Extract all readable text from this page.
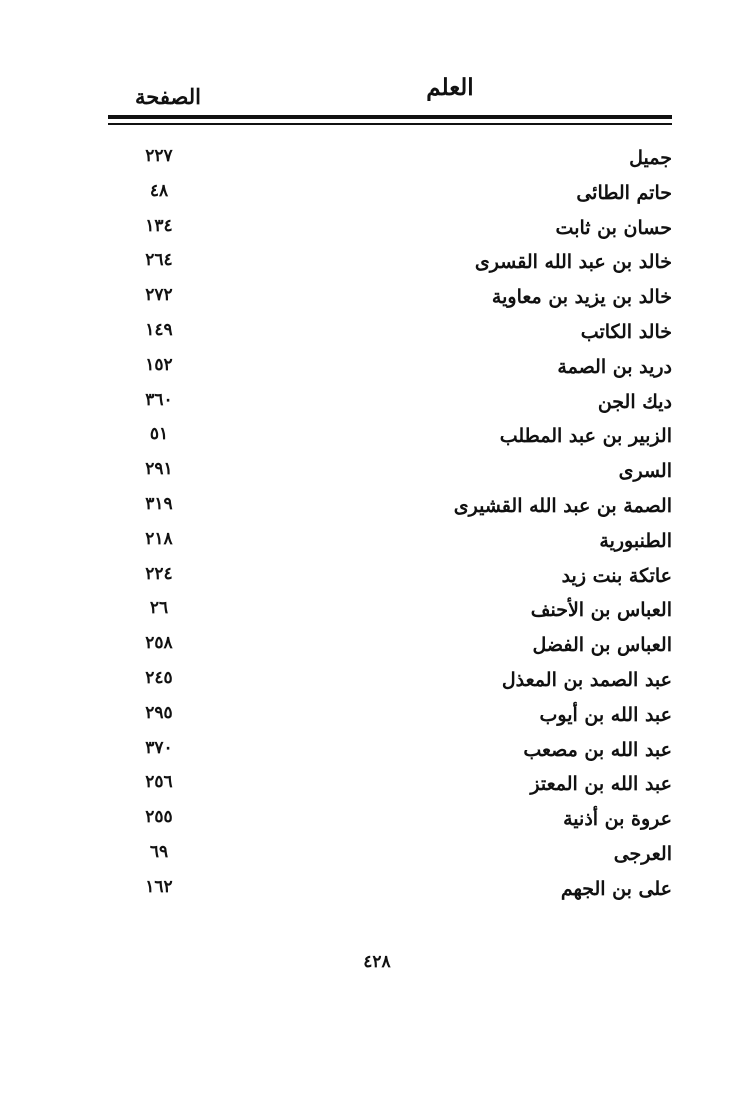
العلم
الصفحة
جميل
٢٢٧
حاتم الطائى
٤٨
حسان بن ثابت
١٣٤
خالد بن عبد الله القسرى
٢٦٤
خالد بن يزيد بن معاوية
٢٧٢
خالد الكاتب
١٤٩
دريد بن الصمة
١٥٢
ديك الجن
٣٦٠
الزبير بن عبد المطلب
٥١
السرى
٢٩١
الصمة بن عبد الله القشيرى
٣١٩
الطنبورية
٢١٨
عاتكة بنت زيد
٢٢٤
العباس بن الأحنف
٢٦
العباس بن الفضل
٢٥٨
عبد الصمد بن المعذل
٢٤٥
عبد الله بن أيوب
٢٩٥
عبد الله بن مصعب
٣٧٠
عبد الله بن المعتز
٢٥٦
عروة بن أذنية
٢٥٥
العرجى
٦٩
على بن الجهم
١٦٢
٤٢٨
